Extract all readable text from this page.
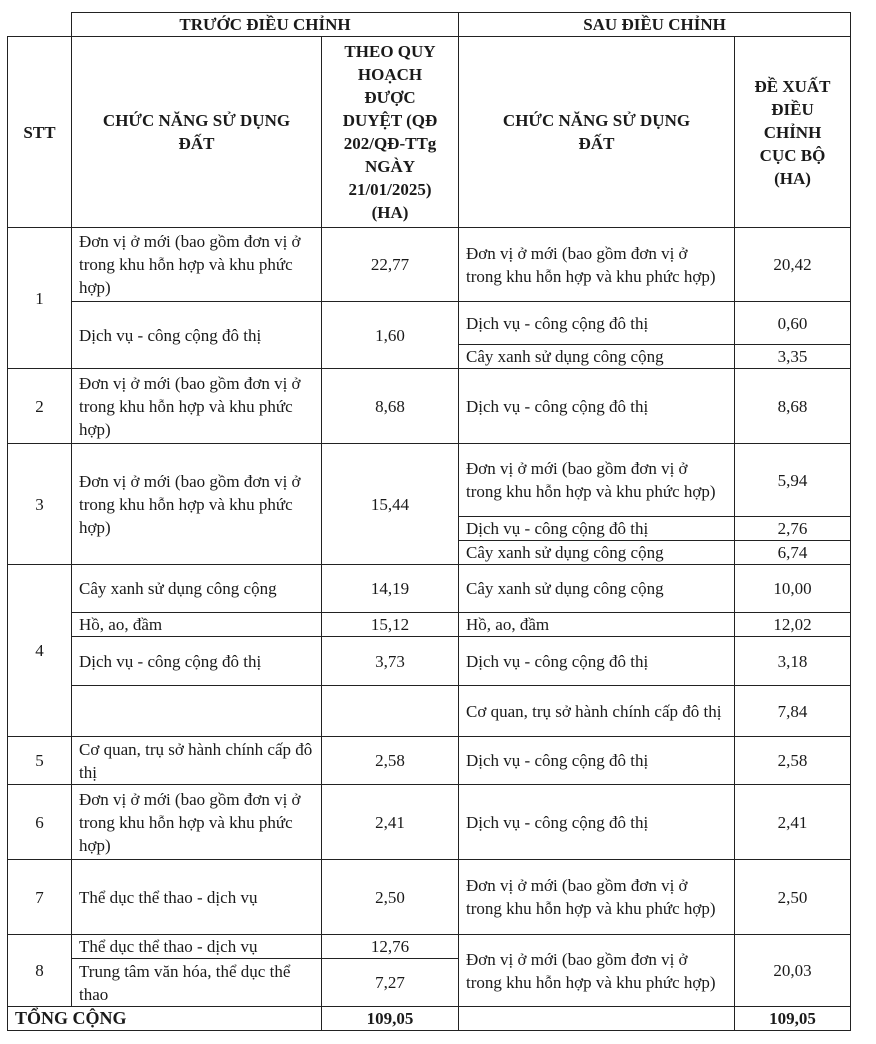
	TRƯỚC ĐIỀU CHỈNH		SAU ĐIỀU CHỈNH	
STT	CHỨC NĂNG SỬ DỤNG ĐẤT	THEO QUY HOẠCH ĐƯỢC DUYỆT (QĐ 202/QĐ-TTg NGÀY 21/01/2025) (HA)	CHỨC NĂNG SỬ DỤNG ĐẤT	ĐỀ XUẤT ĐIỀU CHỈNH CỤC BỘ (HA)
1	Đơn vị ở mới (bao gồm đơn vị ở trong khu hỗn hợp và khu phức hợp)	22,77	Đơn vị ở mới (bao gồm đơn vị ở trong khu hỗn hợp và khu phức hợp)	20,42
	Dịch vụ - công cộng đô thị	1,60	Dịch vụ - công cộng đô thị	0,60
			Cây xanh sử dụng công cộng	3,35
2	Đơn vị ở mới (bao gồm đơn vị ở trong khu hỗn hợp và khu phức hợp)	8,68	Dịch vụ - công cộng đô thị	8,68
3	Đơn vị ở mới (bao gồm đơn vị ở trong khu hỗn hợp và khu phức hợp)	15,44	Đơn vị ở mới (bao gồm đơn vị ở trong khu hỗn hợp và khu phức hợp)	5,94
			Dịch vụ - công cộng đô thị	2,76
			Cây xanh sử dụng công cộng	6,74
4	Cây xanh sử dụng công cộng	14,19	Cây xanh sử dụng công cộng	10,00
	Hồ, ao, đầm	15,12	Hồ, ao, đầm	12,02
	Dịch vụ - công cộng đô thị	3,73	Dịch vụ - công cộng đô thị	3,18
			Cơ quan, trụ sở hành chính cấp đô thị	7,84
5	Cơ quan, trụ sở hành chính cấp đô thị	2,58	Dịch vụ - công cộng đô thị	2,58
6	Đơn vị ở mới (bao gồm đơn vị ở trong khu hỗn hợp và khu phức hợp)	2,41	Dịch vụ - công cộng đô thị	2,41
7	Thể dục thể thao - dịch vụ	2,50	Đơn vị ở mới (bao gồm đơn vị ở trong khu hỗn hợp và khu phức hợp)	2,50
8	Thể dục thể thao - dịch vụ	12,76	Đơn vị ở mới (bao gồm đơn vị ở trong khu hỗn hợp và khu phức hợp)	20,03
	Trung tâm văn hóa, thể dục thể thao	7,27		
TỔNG CỘNG		109,05		109,05
